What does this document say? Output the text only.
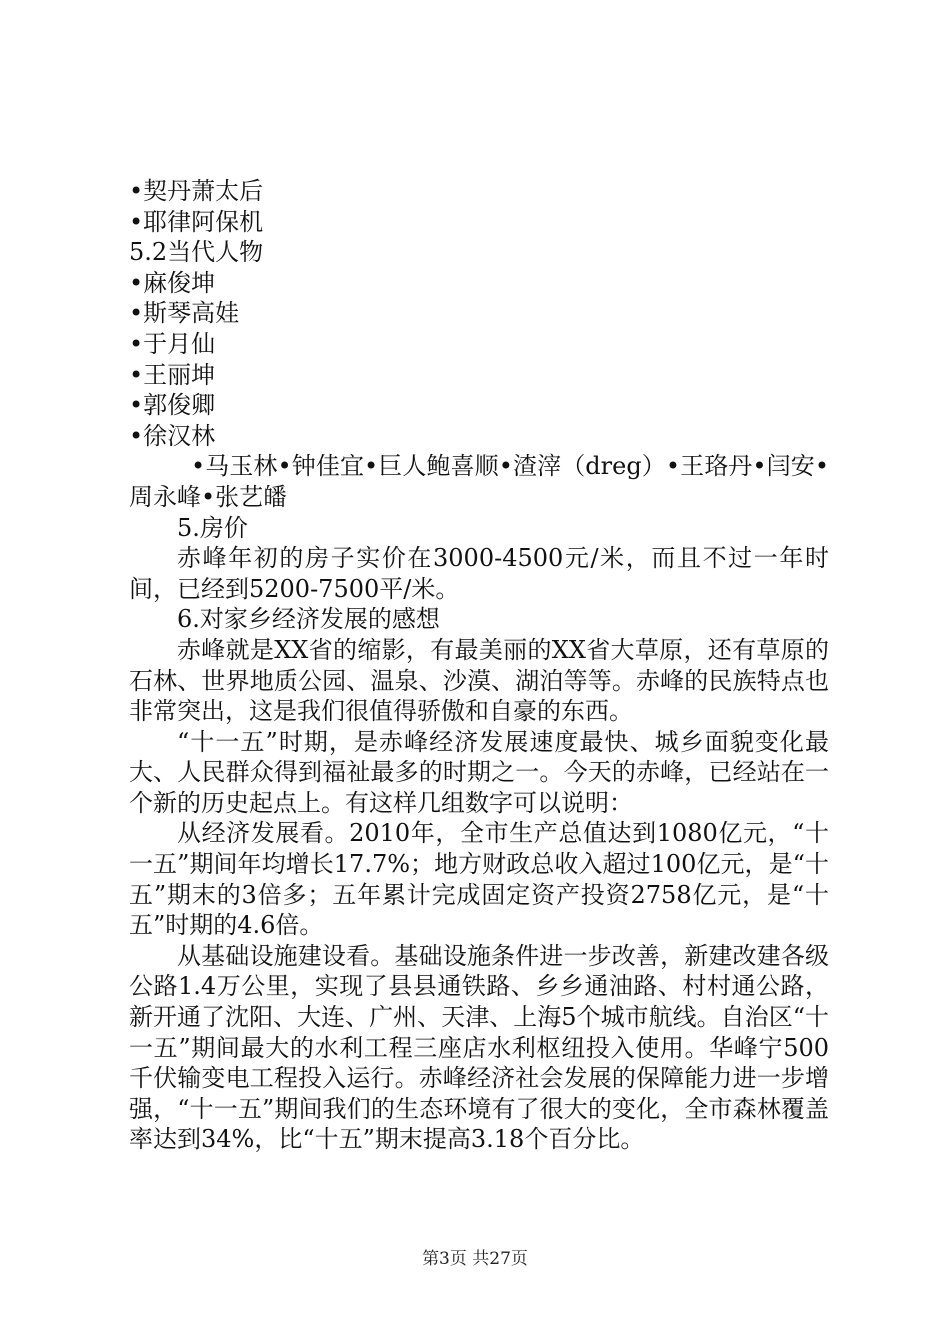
•契丹萧太后

•耶律阿保机

5.2当代人物

•麻俊坤

•斯琴高娃

•于月仙

•王丽坤

•郭俊卿

•徐汉林

•马玉林•钟佳宜•巨人鲍喜顺•渣滓（dreg）•王珞丹•闫安•周永峰•张艺皤

5.房价

赤峰年初的房子实价在3000-4500元/米，而且不过一年时间，已经到5200-7500平/米。

6.对家乡经济发展的感想

赤峰就是XX省的缩影，有最美丽的XX省大草原，还有草原的石林、世界地质公园、温泉、沙漠、湖泊等等。赤峰的民族特点也非常突出，这是我们很值得骄傲和自豪的东西。

“十一五”时期，是赤峰经济发展速度最快、城乡面貌变化最大、人民群众得到福祉最多的时期之一。今天的赤峰，已经站在一个新的历史起点上。有这样几组数字可以说明：

从经济发展看。2010年，全市生产总值达到1080亿元，“十一五”期间年均增长17.7%；地方财政总收入超过100亿元，是“十五”期末的3倍多；五年累计完成固定资产投资2758亿元，是“十五”时期的4.6倍。

从基础设施建设看。基础设施条件进一步改善，新建改建各级公路1.4万公里，实现了县县通铁路、乡乡通油路、村村通公路，新开通了沈阳、大连、广州、天津、上海5个城市航线。自治区“十一五”期间最大的水利工程三座店水利枢纽投入使用。华峰宁500千伏输变电工程投入运行。赤峰经济社会发展的保障能力进一步增强，“十一五”期间我们的生态环境有了很大的变化，全市森林覆盖率达到34%，比“十五”期末提高3.18个百分比。

第3页 共27页
